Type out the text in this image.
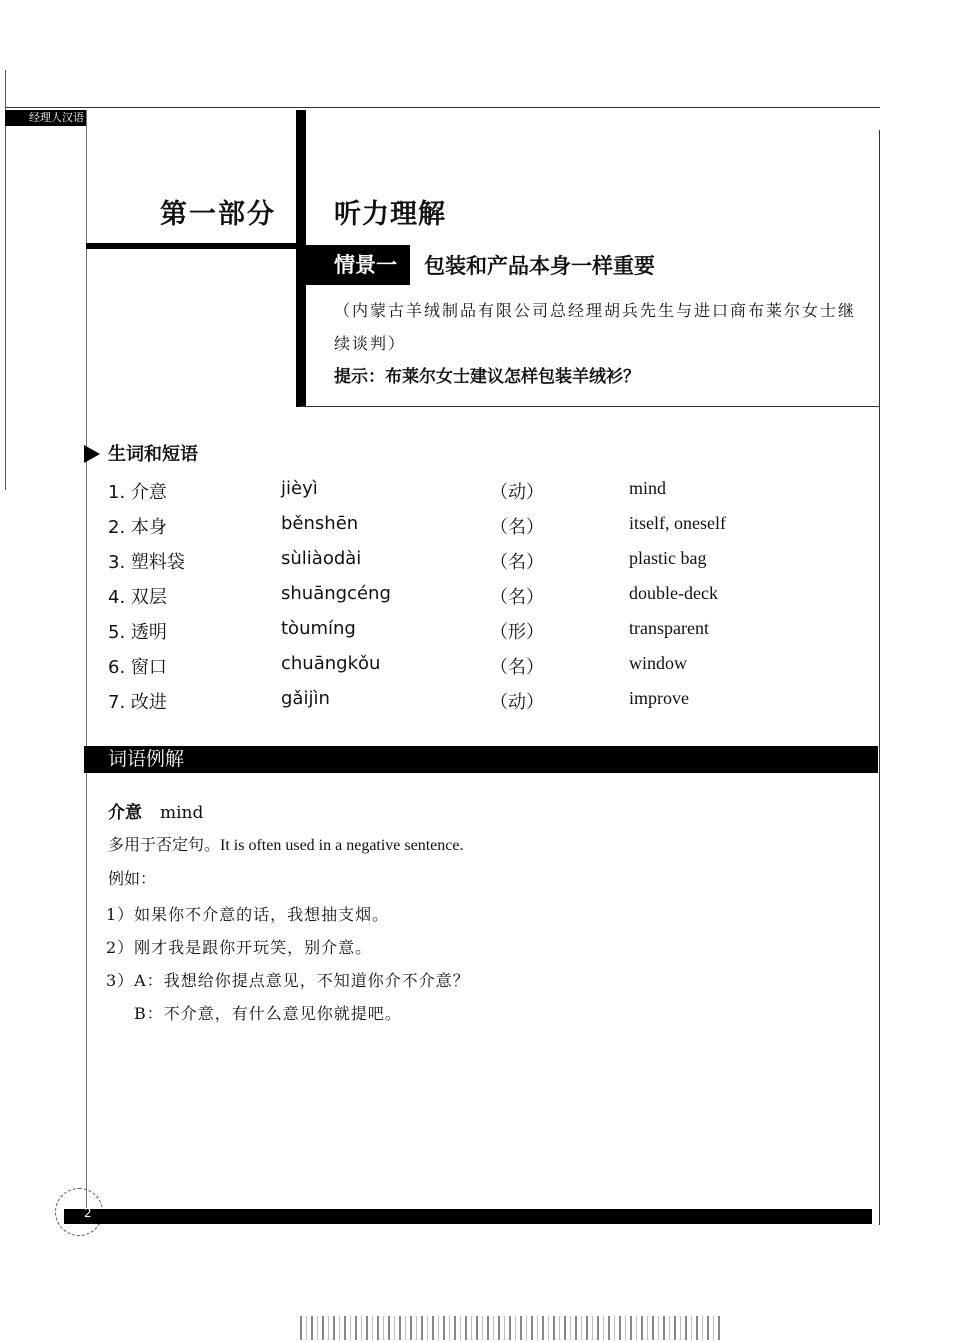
经理人汉语
第一部分 听力理解
情景一	包装和产品本身一样重要
（内蒙古羊绒制品有限公司总经理胡兵先生与进口商布莱尔女士继续谈判）
提示：布莱尔女士建议怎样包装羊绒衫？
生词和短语
1. 介意	jièyì	（动）	mind
2. 本身	běnshēn	（名）	itself, oneself
3. 塑料袋	sùliàodài	（名）	plastic bag
4. 双层	shuāngcéng	（名）	double-deck
5. 透明	tòumíng	（形）	transparent
6. 窗口	chuāngkǒu	（名）	window
7. 改进	gǎijìn	（动）	improve
词语例解
介意 mind
多用于否定句。It is often used in a negative sentence.
例如：
1）如果你不介意的话，我想抽支烟。
2）刚才我是跟你开玩笑，别介意。
3）A：我想给你提点意见，不知道你介不介意？
B：不介意，有什么意见你就提吧。
2
